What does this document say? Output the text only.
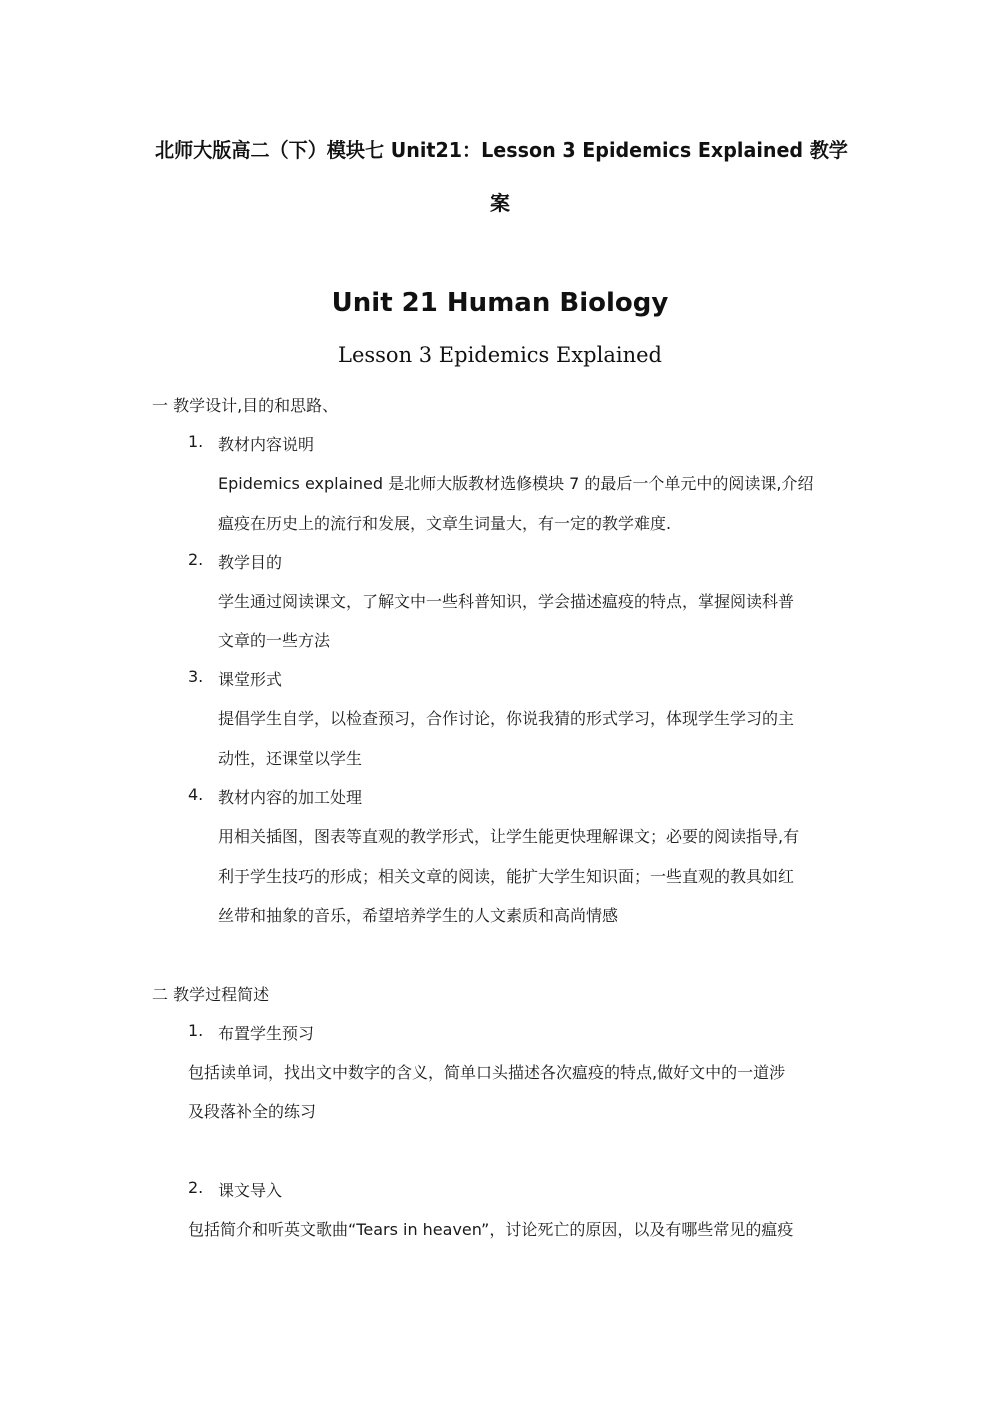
北师大版高二（下）模块七 Unit21：Lesson 3 Epidemics Explained 教学
案
Unit 21 Human Biology
Lesson 3 Epidemics Explained
一 教学设计,目的和思路、
1. 教材内容说明
Epidemics explained 是北师大版教材选修模块 7 的最后一个单元中的阅读课,介绍
瘟疫在历史上的流行和发展，文章生词量大，有一定的教学难度.
2. 教学目的
学生通过阅读课文，了解文中一些科普知识，学会描述瘟疫的特点，掌握阅读科普
文章的一些方法
3. 课堂形式
提倡学生自学，以检查预习，合作讨论，你说我猜的形式学习，体现学生学习的主
动性，还课堂以学生
4. 教材内容的加工处理
用相关插图，图表等直观的教学形式，让学生能更快理解课文；必要的阅读指导,有
利于学生技巧的形成；相关文章的阅读，能扩大学生知识面；一些直观的教具如红
丝带和抽象的音乐，希望培养学生的人文素质和高尚情感
二 教学过程简述
1. 布置学生预习
包括读单词，找出文中数字的含义，简单口头描述各次瘟疫的特点,做好文中的一道涉
及段落补全的练习
2. 课文导入
包括简介和听英文歌曲“Tears in heaven”，讨论死亡的原因，以及有哪些常见的瘟疫
